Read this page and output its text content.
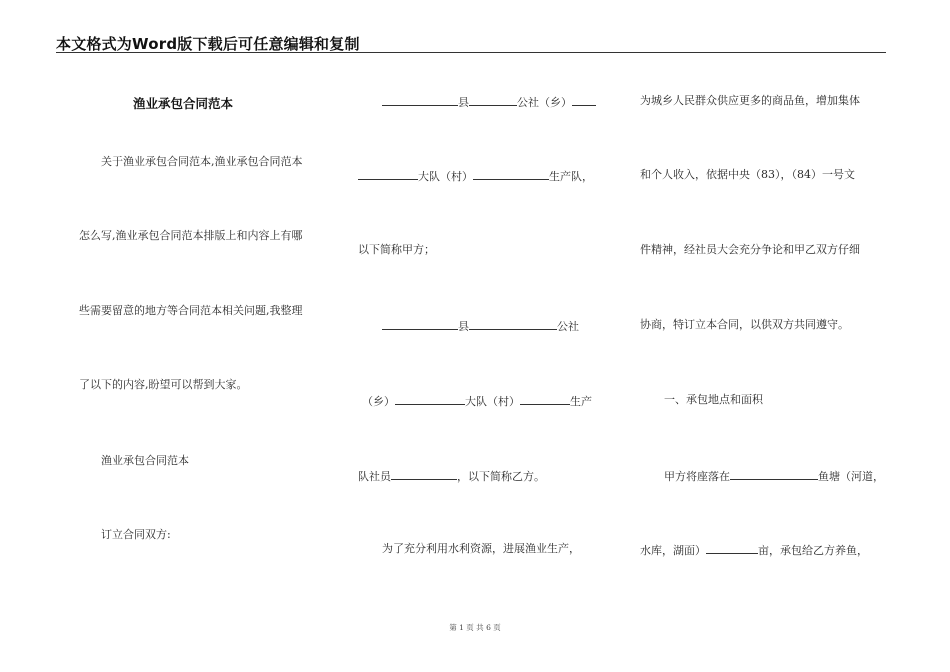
本文格式为Word版下载后可任意编辑和复制
渔业承包合同范本
关于渔业承包合同范本,渔业承包合同范本
怎么写,渔业承包合同范本排版上和内容上有哪
些需要留意的地方等合同范本相关问题,我整理
了以下的内容,盼望可以帮到大家。
渔业承包合同范本
订立合同双方:
县	公社（乡）
大队（村）	生产队，
以下简称甲方；
县	公社
（乡）	大队（村）	生产
队社员	，以下简称乙方。
为了充分利用水利资源，进展渔业生产，
为城乡人民群众供应更多的商品鱼，增加集体
和个人收入，依据中央（83），（84）一号文
件精神，经社员大会充分争论和甲乙双方仔细
协商，特订立本合同，以供双方共同遵守。
一、承包地点和面积
甲方将座落在	鱼塘（河道，
水库，湖面）	亩，承包给乙方养鱼，
第 1 页 共 6 页
